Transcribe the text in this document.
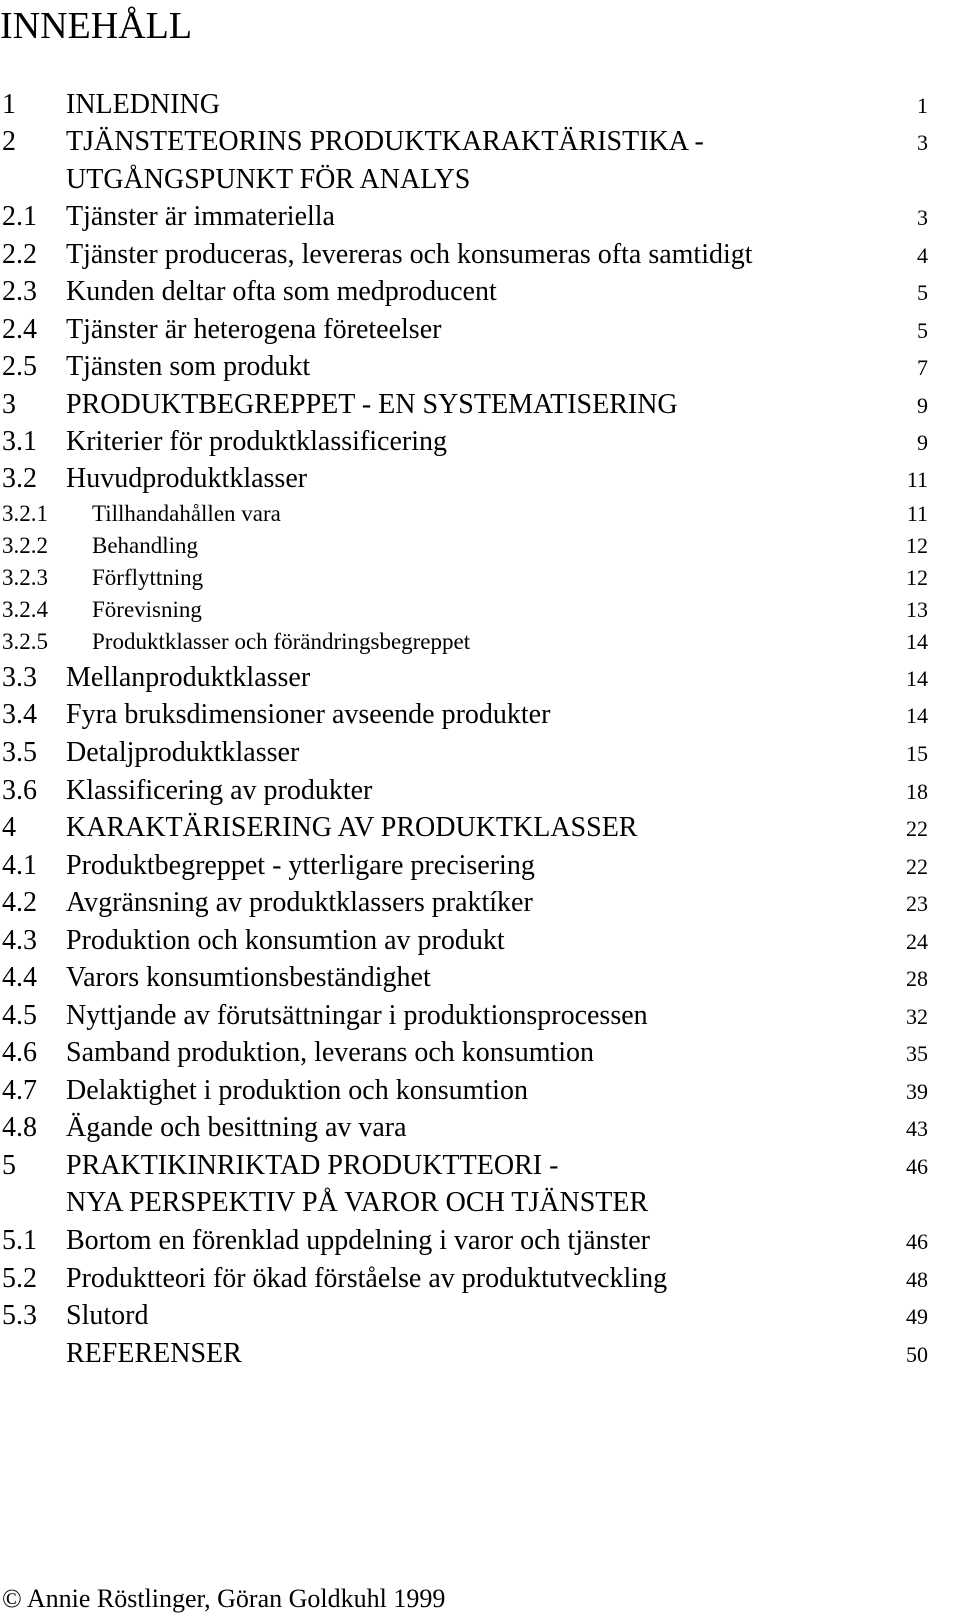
INNEHÅLL
1 INLEDNING	1
2 TJÄNSTETEORINS PRODUKTKARAKTÄRISTIKA -	3
UTGÅNGSPUNKT FÖR ANALYS
2.1 Tjänster är immateriella	3
2.2 Tjänster produceras, levereras och konsumeras ofta samtidigt	4
2.3 Kunden deltar ofta som medproducent	5
2.4 Tjänster är heterogena företeelser	5
2.5 Tjänsten som produkt	7
3 PRODUKTBEGREPPET - EN SYSTEMATISERING	9
3.1 Kriterier för produktklassificering	9
3.2 Huvudproduktklasser	11
3.2.1 Tillhandahållen vara	11
3.2.2 Behandling	12
3.2.3 Förflyttning	12
3.2.4 Förevisning	13
3.2.5 Produktklasser och förändringsbegreppet	14
3.3 Mellanproduktklasser	14
3.4 Fyra bruksdimensioner avseende produkter	14
3.5 Detaljproduktklasser	15
3.6 Klassificering av produkter	18
4 KARAKTÄRISERING AV PRODUKTKLASSER	22
4.1 Produktbegreppet - ytterligare precisering	22
4.2 Avgränsning av produktklassers praktíker	23
4.3 Produktion och konsumtion av produkt	24
4.4 Varors konsumtionsbeständighet	28
4.5 Nyttjande av förutsättningar i produktionsprocessen	32
4.6 Samband produktion, leverans och konsumtion	35
4.7 Delaktighet i produktion och konsumtion	39
4.8 Ägande och besittning av vara	43
5 PRAKTIKINRIKTAD PRODUKTTEORI -	46
NYA PERSPEKTIV PÅ VAROR OCH TJÄNSTER
5.1 Bortom en förenklad uppdelning i varor och tjänster	46
5.2 Produktteori för ökad förståelse av produktutveckling	48
5.3 Slutord	49
REFERENSER	50
© Annie Röstlinger, Göran Goldkuhl 1999
